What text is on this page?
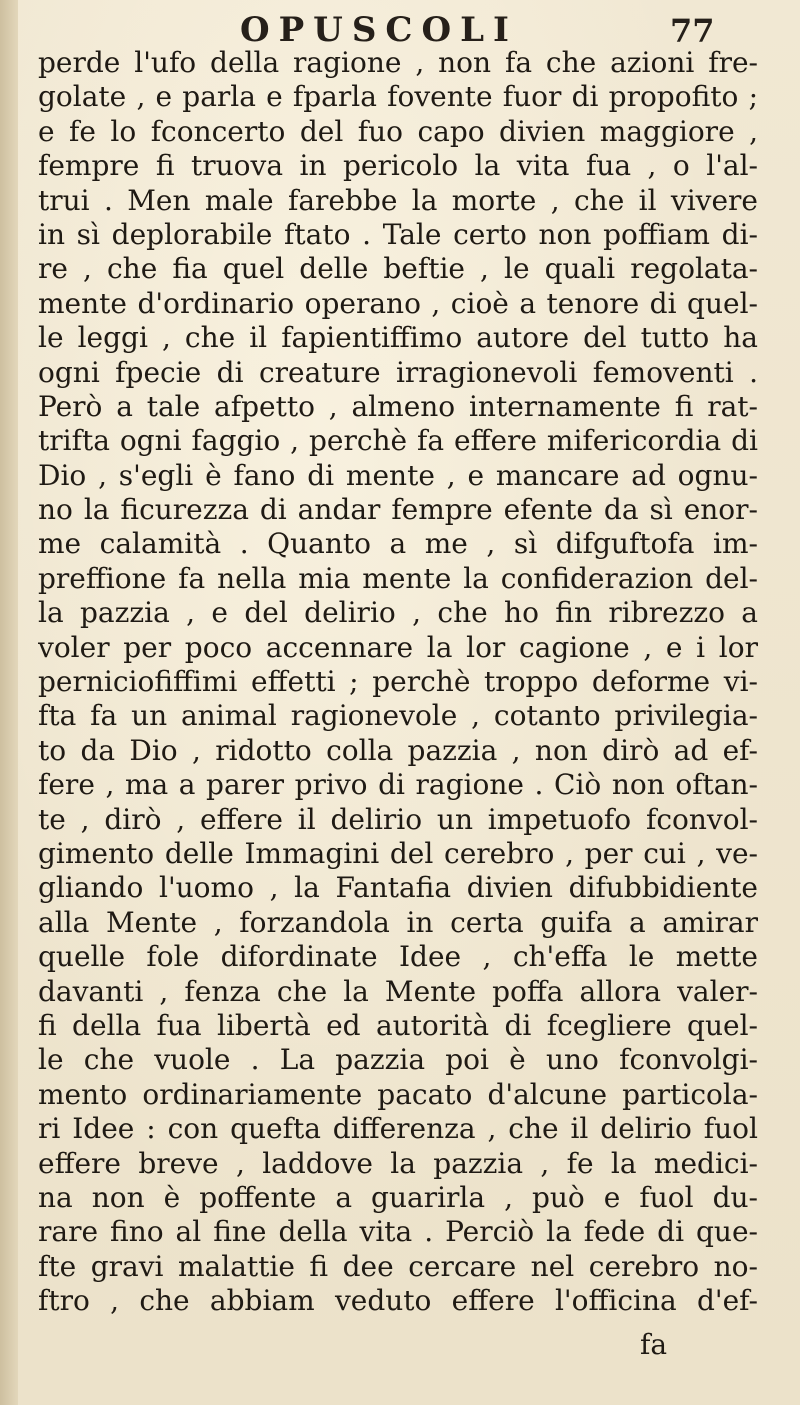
OPUSCOLI	77
perde l'ufo della ragione , non fa che azioni fre-
golate , e parla e fparla fovente fuor di propofito ;
e fe lo fconcerto del fuo capo divien maggiore ,
fempre fi truova in pericolo la vita fua , o l'al-
trui . Men male farebbe la morte , che il vivere
in sì deplorabile ftato . Tale certo non poffiam di-
re , che fia quel delle beftie , le quali regolata-
mente d'ordinario operano , cioè a tenore di quel-
le leggi , che il fapientiffimo autore del tutto ha
ogni fpecie di creature irragionevoli femoventi .
Però a tale afpetto , almeno internamente fi rat-
trifta ogni faggio , perchè fa effere mifericordia di
Dio , s'egli è fano di mente , e mancare ad ognu-
no la ficurezza di andar fempre efente da sì enor-
me calamità . Quanto a me , sì difguftofa im-
preffione fa nella mia mente la confiderazion del-
la pazzia , e del delirio , che ho fin ribrezzo a
voler per poco accennare la lor cagione , e i lor
perniciofiffimi effetti ; perchè troppo deforme vi-
fta fa un animal ragionevole , cotanto privilegia-
to da Dio , ridotto colla pazzia , non dirò ad ef-
fere , ma a parer privo di ragione . Ciò non oftan-
te , dirò , effere il delirio un impetuofo fconvol-
gimento delle Immagini del cerebro , per cui , ve-
gliando l'uomo , la Fantafia divien difubbidiente
alla Mente , forzandola in certa guifa a amirar
quelle fole difordinate Idee , ch'effa le mette
davanti , fenza che la Mente poffa allora valer-
fi della fua libertà ed autorità di fcegliere quel-
le che vuole . La pazzia poi è uno fconvolgi-
mento ordinariamente pacato d'alcune particola-
ri Idee : con quefta differenza , che il delirio fuol
effere breve , laddove la pazzia , fe la medici-
na non è poffente a guarirla , può e fuol du-
rare fino al fine della vita . Perciò la fede di que-
fte gravi malattie fi dee cercare nel cerebro no-
ftro , che abbiam veduto effere l'officina d'ef-
fa
